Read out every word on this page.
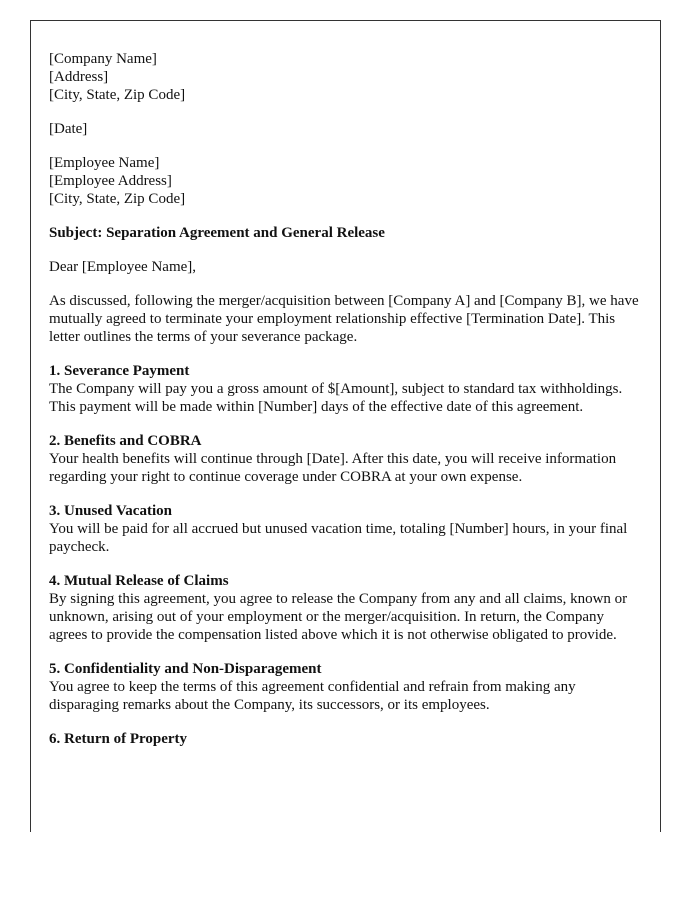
[Company Name]
[Address]
[City, State, Zip Code]
[Date]
[Employee Name]
[Employee Address]
[City, State, Zip Code]
Subject: Separation Agreement and General Release

Dear [Employee Name],

As discussed, following the merger/acquisition between [Company A] and [Company B], we have mutually agreed to terminate your employment relationship effective [Termination Date]. This letter outlines the terms of your severance package.

1. Severance Payment

The Company will pay you a gross amount of $[Amount], subject to standard tax withholdings. This payment will be made within [Number] days of the effective date of this agreement.

2. Benefits and COBRA

Your health benefits will continue through [Date]. After this date, you will receive information regarding your right to continue coverage under COBRA at your own expense.

3. Unused Vacation

You will be paid for all accrued but unused vacation time, totaling [Number] hours, in your final paycheck.

4. Mutual Release of Claims

By signing this agreement, you agree to release the Company from any and all claims, known or unknown, arising out of your employment or the merger/acquisition. In return, the Company agrees to provide the compensation listed above which it is not otherwise obligated to provide.

5. Confidentiality and Non-Disparagement

You agree to keep the terms of this agreement confidential and refrain from making any disparaging remarks about the Company, its successors, or its employees.

6. Return of Property
